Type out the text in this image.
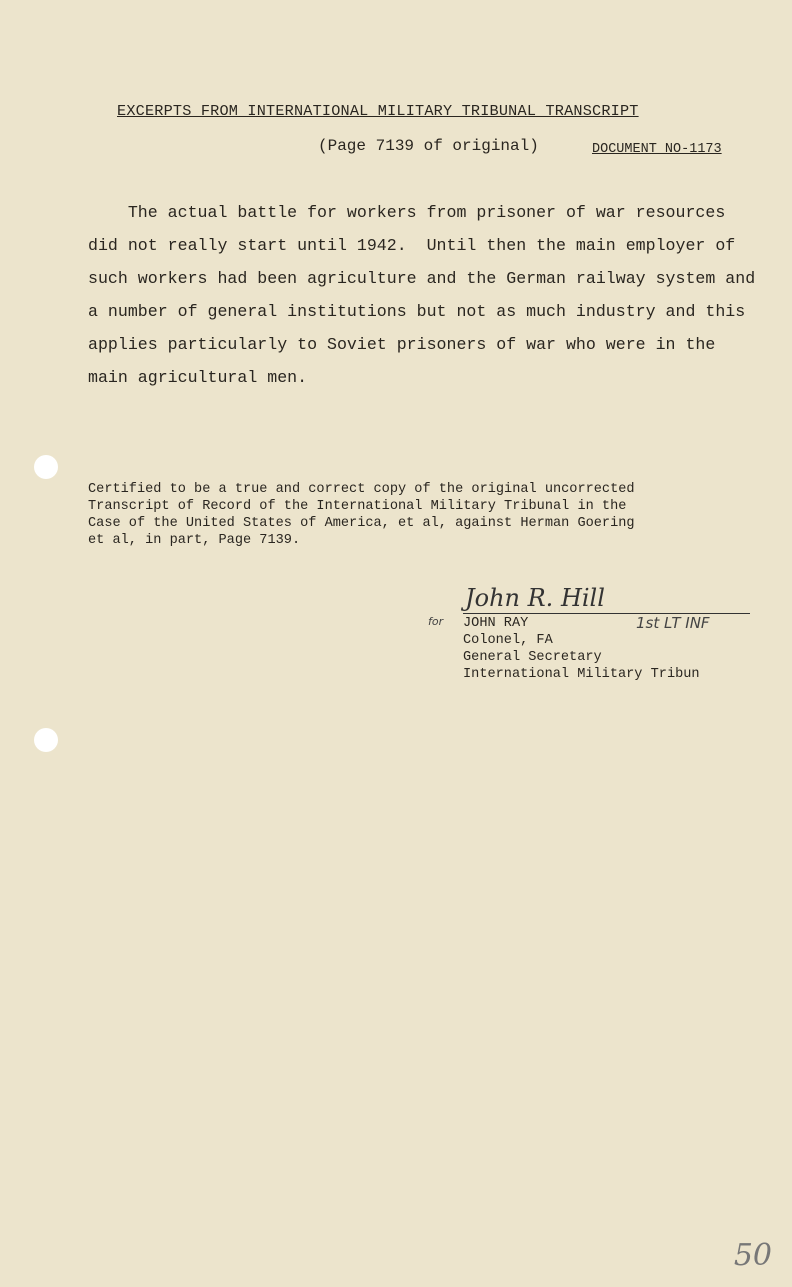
EXCERPTS FROM INTERNATIONAL MILITARY TRIBUNAL TRANSCRIPT
(Page 7139 of original)	DOCUMENT NO-1173
The actual battle for workers from prisoner of war resources
did not really start until 1942.  Until then the main employer of
such workers had been agriculture and the German railway system and
a number of general institutions but not as much industry and this
applies particularly to Soviet prisoners of war who were in the
main agricultural men.
Certified to be a true and correct copy of the original uncorrected
Transcript of Record of the International Military Tribunal in the
Case of the United States of America, et al, against Herman Goering
et al, in part, Page 7139.
John R. Hill
for	1st LT INF
JOHN RAY
Colonel, FA
General Secretary
International Military Tribun
50
